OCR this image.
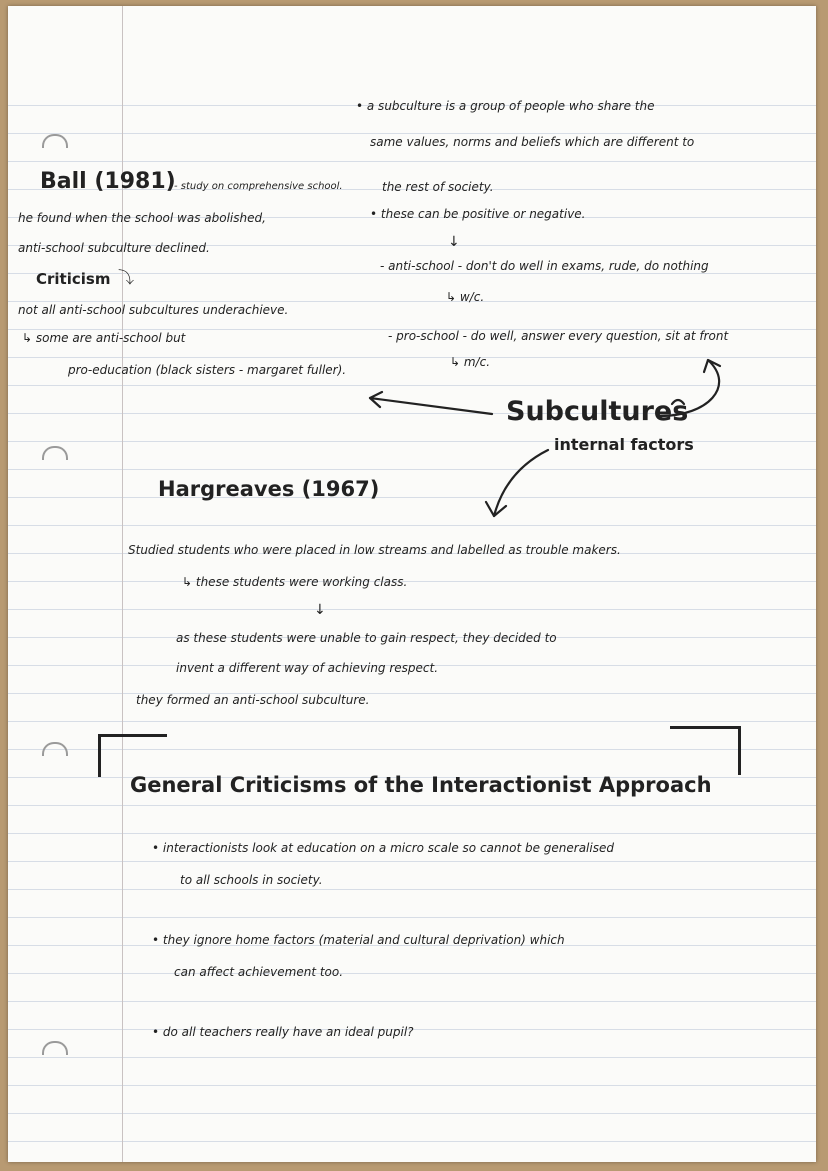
• a subculture is a group of people who share the
same values, norms and beliefs which are different to
the rest of society.
• these can be positive or negative.
↓
- anti-school - don't do well in exams, rude, do nothing
↳ w/c.
- pro-school - do well, answer every question, sit at front
↳ m/c.
Ball (1981)
- study on comprehensive school.
he found when the school was abolished,
anti-school subculture declined.
Criticism ⤵
not all anti-school subcultures underachieve.
↳ some are anti-school but
pro-education (black sisters - margaret fuller).
Subcultures
internal factors
Hargreaves (1967)
Studied students who were placed in low streams and labelled as trouble makers.
↳ these students were working class.
↓
as these students were unable to gain respect, they decided to
invent a different way of achieving respect.
they formed an anti-school subculture.
General Criticisms of the Interactionist Approach
• interactionists look at education on a micro scale so cannot be generalised
to all schools in society.
• they ignore home factors (material and cultural deprivation) which
can affect achievement too.
• do all teachers really have an ideal pupil?
